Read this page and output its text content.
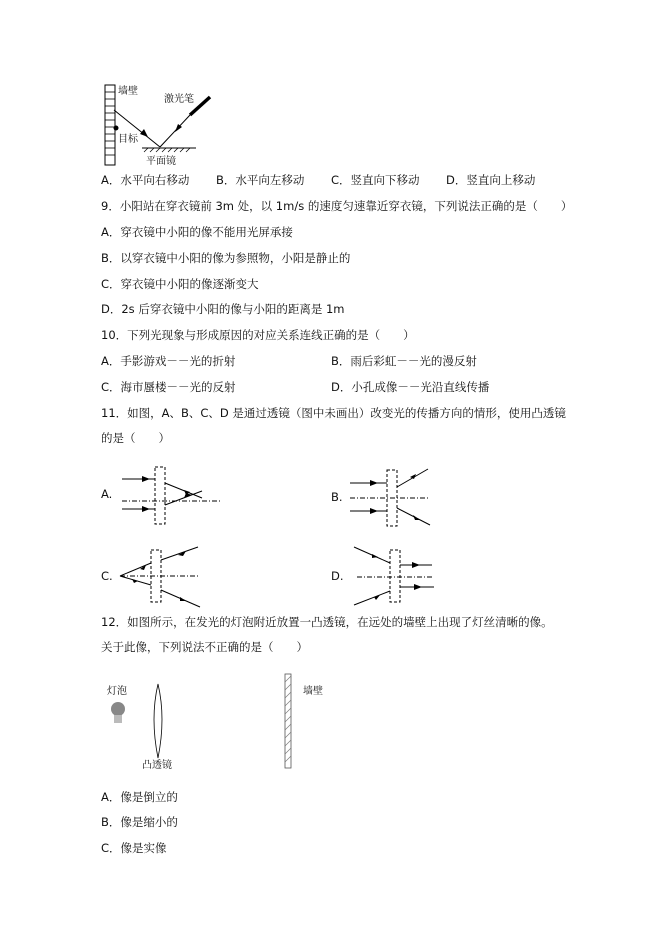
墙壁
激光笔
目标
平面镜
A．水平向右移动 B．水平向左移动 C．竖直向下移动 D．竖直向上移动
9．小阳站在穿衣镜前 3m 处，以 1m/s 的速度匀速靠近穿衣镜，下列说法正确的是（　　）
A．穿衣镜中小阳的像不能用光屏承接
B．以穿衣镜中小阳的像为参照物，小阳是静止的
C．穿衣镜中小阳的像逐渐变大
D．2s 后穿衣镜中小阳的像与小阳的距离是 1m
10．下列光现象与形成原因的对应关系连线正确的是（　　）
A．手影游戏－－光的折射	B．雨后彩虹－－光的漫反射
C．海市蜃楼－－光的反射	D．小孔成像－－光沿直线传播
11．如图，A、B、C、D 是通过透镜（图中未画出）改变光的传播方向的情形，使用凸透镜
的是（　　）
A.	B.
C.	D.
12．如图所示，在发光的灯泡附近放置一凸透镜，在远处的墙壁上出现了灯丝清晰的像。
关于此像，下列说法不正确的是（　　）
灯泡
凸透镜
墙壁
A．像是倒立的
B．像是缩小的
C．像是实像
